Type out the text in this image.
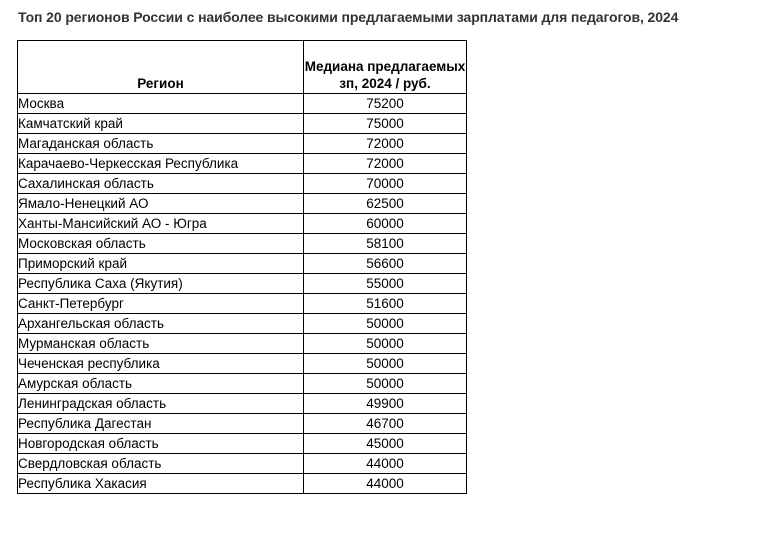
Топ 20 регионов России с наиболее высокими предлагаемыми зарплатами для педагогов, 2024
Регион	Медиана предлагаемых зп, 2024 / руб.
Москва	75200
Камчатский край	75000
Магаданская область	72000
Карачаево-Черкесская Республика	72000
Сахалинская область	70000
Ямало-Ненецкий АО	62500
Ханты-Мансийский АО - Югра	60000
Московская область	58100
Приморский край	56600
Республика Саха (Якутия)	55000
Санкт-Петербург	51600
Архангельская область	50000
Мурманская область	50000
Чеченская республика	50000
Амурская область	50000
Ленинградская область	49900
Республика Дагестан	46700
Новгородская область	45000
Свердловская область	44000
Республика Хакасия	44000
